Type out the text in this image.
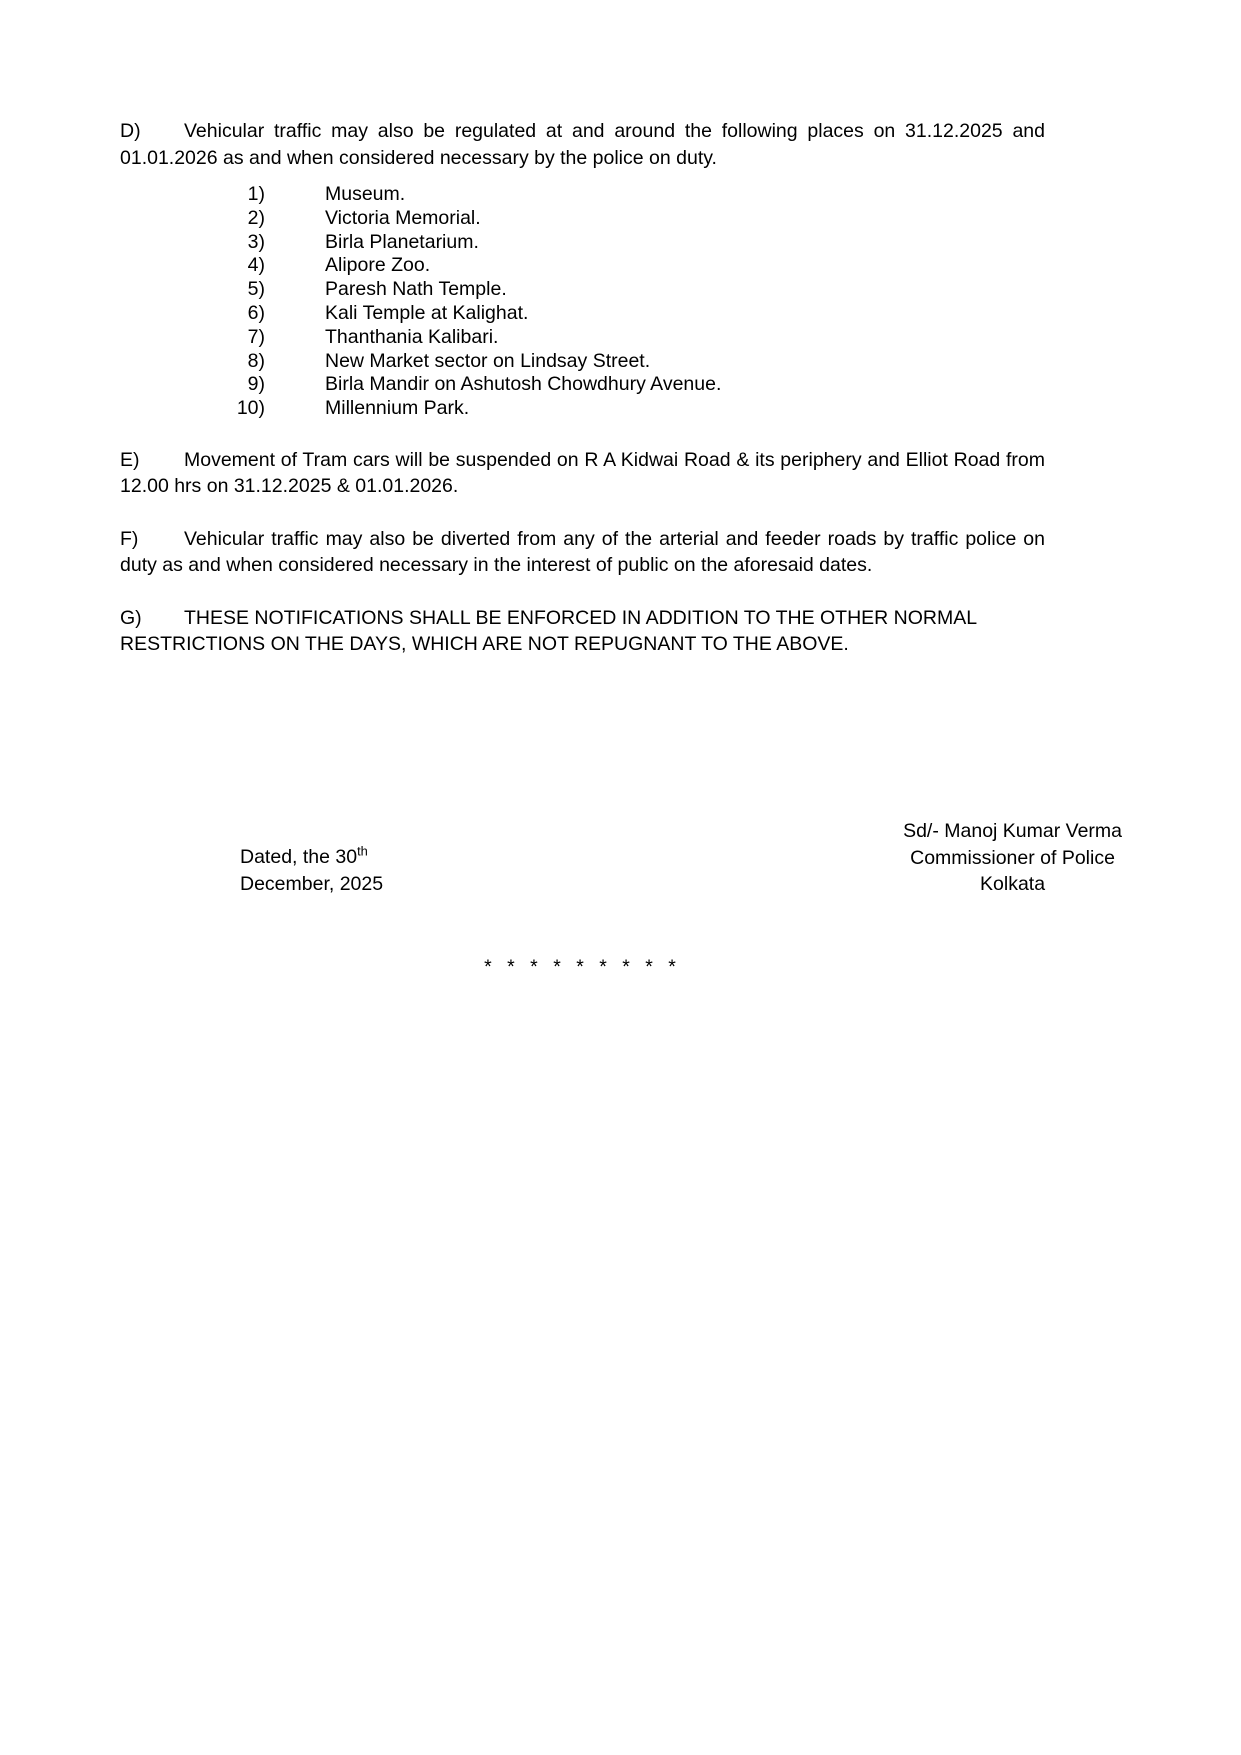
D) Vehicular traffic may also be regulated at and around the following places on 31.12.2025 and 01.01.2026 as and when considered necessary by the police on duty.

1)	Museum.
2)	Victoria Memorial.
3)	Birla Planetarium.
4)	Alipore Zoo.
5)	Paresh Nath Temple.
6)	Kali Temple at Kalighat.
7)	Thanthania Kalibari.
8)	New Market sector on Lindsay Street.
9)	Birla Mandir on Ashutosh Chowdhury Avenue.
10)	Millennium Park.

E) Movement of Tram cars will be suspended on R A Kidwai Road & its periphery and Elliot Road from 12.00 hrs on 31.12.2025 & 01.01.2026.

F) Vehicular traffic may also be diverted from any of the arterial and feeder roads by traffic police on duty as and when considered necessary in the interest of public on the aforesaid dates.

G) THESE NOTIFICATIONS SHALL BE ENFORCED IN ADDITION TO THE OTHER NORMAL RESTRICTIONS ON THE DAYS, WHICH ARE NOT REPUGNANT TO THE ABOVE.

Sd/- Manoj Kumar Verma
Commissioner of Police
Kolkata
Dated, the 30th
December, 2025
* * * * * * * * *
